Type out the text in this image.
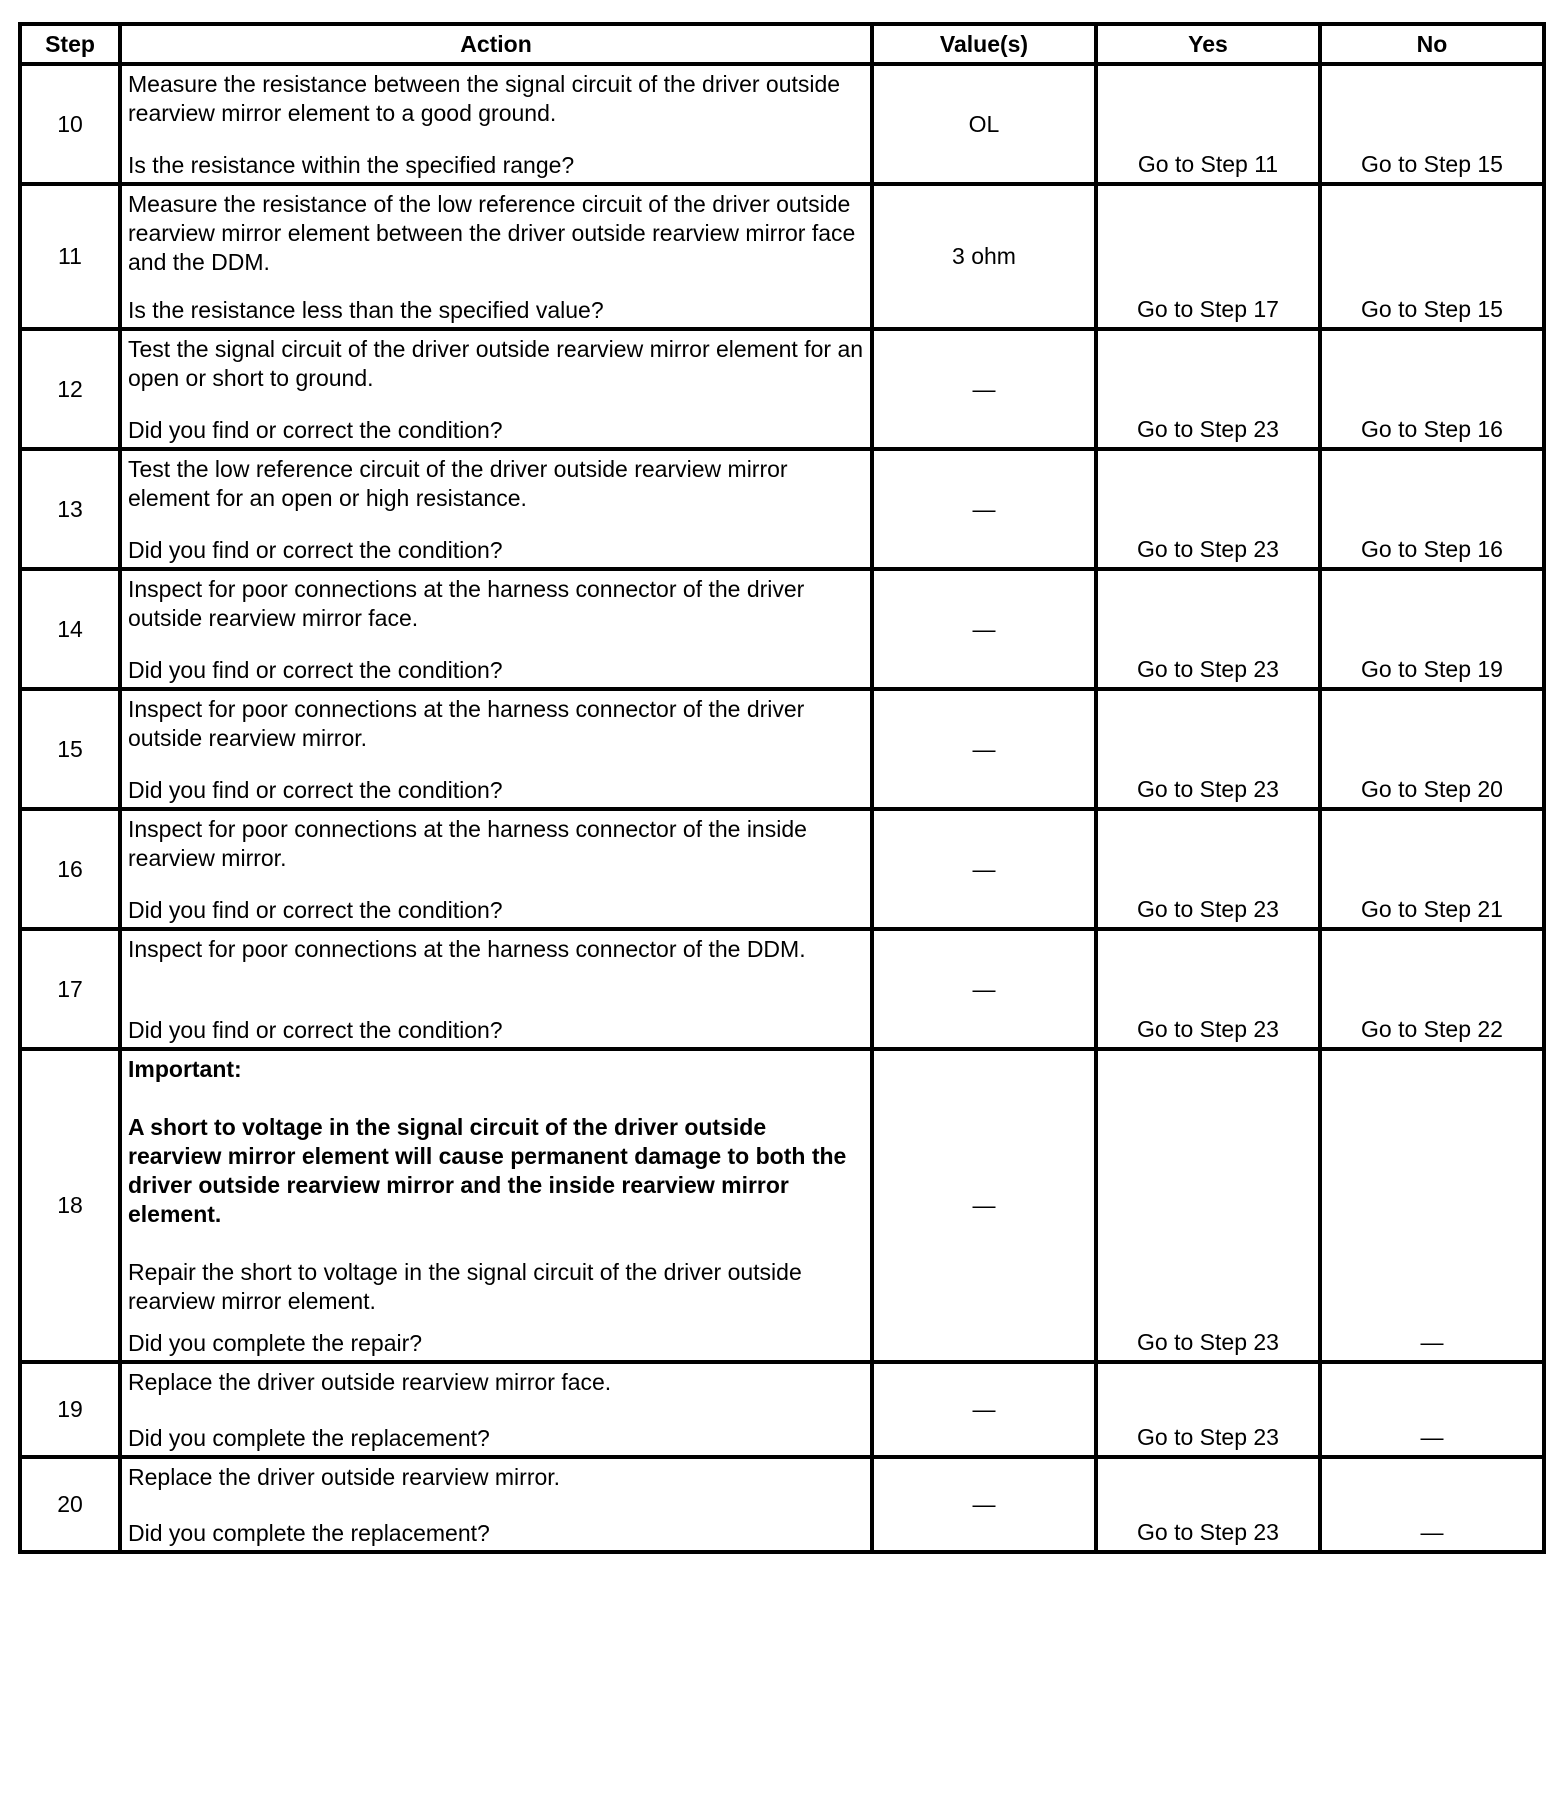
Step	Action	Value(s)	Yes	No
10	Measure the resistance between the signal circuit of the driver outside rearview mirror element to a good ground.

Is the resistance within the specified range?	OL	Go to Step 11	Go to Step 15
11	Measure the resistance of the low reference circuit of the driver outside rearview mirror element between the driver outside rearview mirror face and the DDM.

Is the resistance less than the specified value?	3 ohm	Go to Step 17	Go to Step 15
12	Test the signal circuit of the driver outside rearview mirror element for an open or short to ground.

Did you find or correct the condition?	—	Go to Step 23	Go to Step 16
13	Test the low reference circuit of the driver outside rearview mirror element for an open or high resistance.

Did you find or correct the condition?	—	Go to Step 23	Go to Step 16
14	Inspect for poor connections at the harness connector of the driver outside rearview mirror face.

Did you find or correct the condition?	—	Go to Step 23	Go to Step 19
15	Inspect for poor connections at the harness connector of the driver outside rearview mirror.

Did you find or correct the condition?	—	Go to Step 23	Go to Step 20
16	Inspect for poor connections at the harness connector of the inside rearview mirror.

Did you find or correct the condition?	—	Go to Step 23	Go to Step 21
17	Inspect for poor connections at the harness connector of the DDM.

Did you find or correct the condition?	—	Go to Step 23	Go to Step 22
18	Important:

A short to voltage in the signal circuit of the driver outside rearview mirror element will cause permanent damage to both the driver outside rearview mirror and the inside rearview mirror element.

Repair the short to voltage in the signal circuit of the driver outside rearview mirror element.

Did you complete the repair?	—	Go to Step 23	—
19	Replace the driver outside rearview mirror face.

Did you complete the replacement?	—	Go to Step 23	—
20	Replace the driver outside rearview mirror.

Did you complete the replacement?	—	Go to Step 23	—
